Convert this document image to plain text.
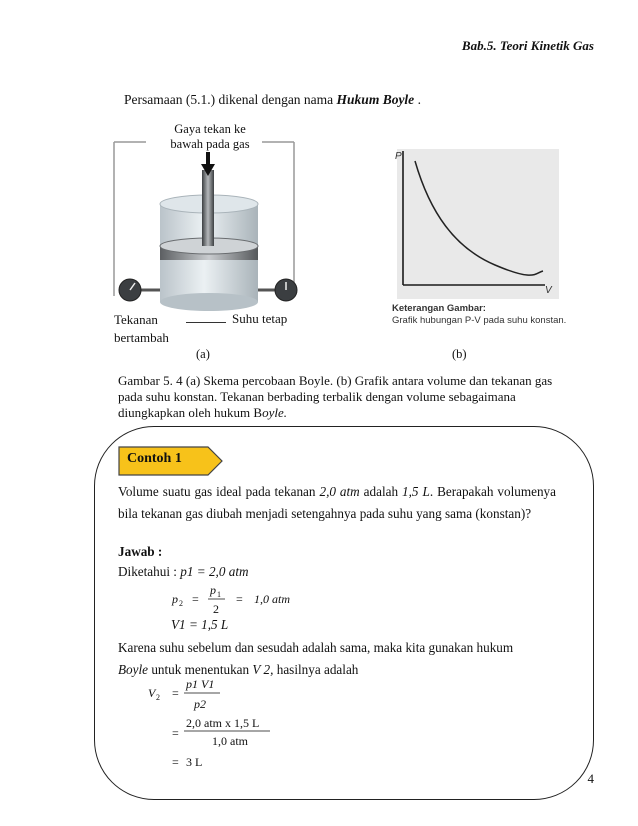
Bab.5. Teori Kinetik Gas
Persamaan (5.1.) dikenal dengan nama Hukum Boyle .
Gaya tekan ke
bawah pada gas
Tekanan
bertambah
Suhu tetap
P
V
Keterangan Gambar:
Grafik hubungan P-V pada suhu konstan.
(a)	(b)
Gambar 5. 4 (a) Skema percobaan Boyle. (b) Grafik antara volume dan tekanan gas
pada suhu konstan. Tekanan berbading terbalik dengan volume sebagaimana
diungkapkan oleh hukum Boyle.
Contoh 1
Volume suatu gas ideal pada tekanan 2,0 atm adalah 1,5 L. Berapakah volumenya bila tekanan gas diubah menjadi setengahnya pada suhu yang sama (konstan)?
Jawab :
Diketahui : p1 = 2,0 atm
p 2 =
p 1
2
= 1,0 atm
V1 = 1,5 L
Karena suhu sebelum dan sesudah adalah sama, maka kita gunakan hukum
Boyle untuk menentukan V 2, hasilnya adalah
V 2 =
p1 V1
p2
=
2,0 atm x 1,5 L
1,0 atm
= 3 L
4
